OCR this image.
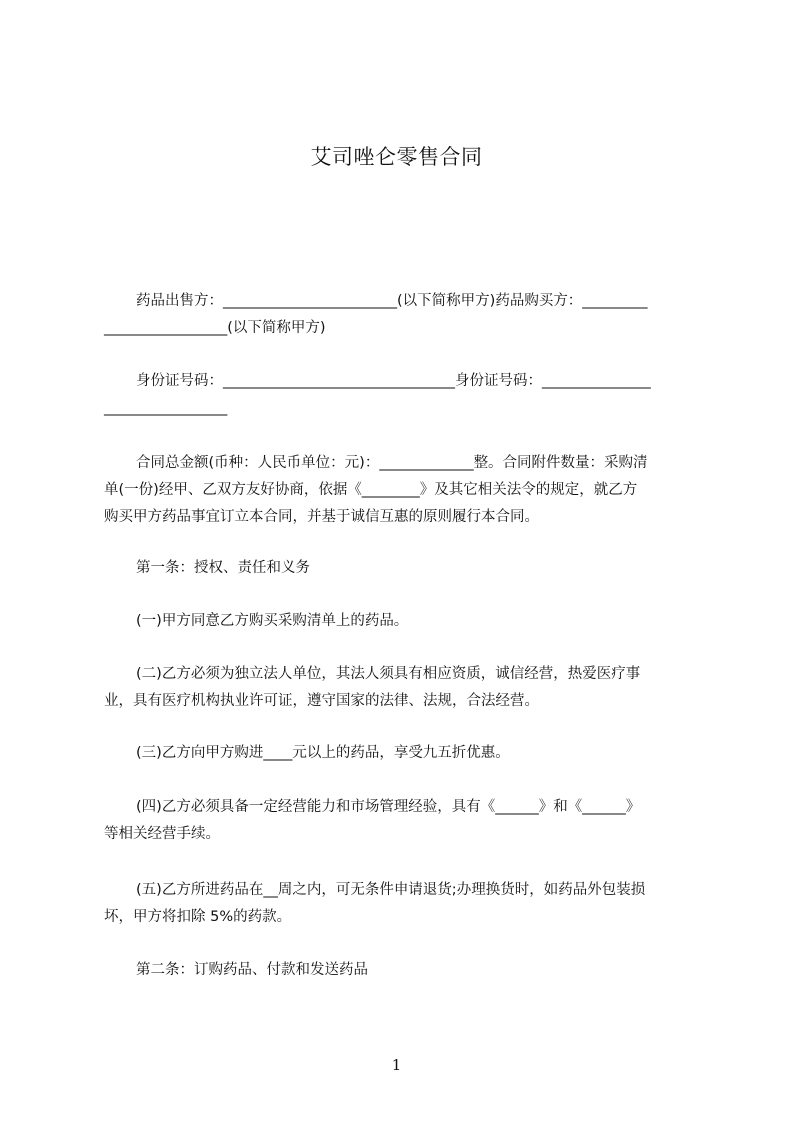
艾司唑仑零售合同
药品出售方：________________________(以下简称甲方)药品购买方：_________
_________________(以下简称甲方)
身份证号码：________________________________身份证号码：_______________
_________________
合同总金额(币种：人民币单位：元)：_____________整。合同附件数量：采购清
单(一份)经甲、乙双方友好协商，依据《________》及其它相关法令的规定，就乙方
购买甲方药品事宜订立本合同，并基于诚信互惠的原则履行本合同。
第一条：授权、责任和义务
(一)甲方同意乙方购买采购清单上的药品。
(二)乙方必须为独立法人单位，其法人须具有相应资质，诚信经营，热爱医疗事
业，具有医疗机构执业许可证，遵守国家的法律、法规，合法经营。
(三)乙方向甲方购进____元以上的药品，享受九五折优惠。
(四)乙方必须具备一定经营能力和市场管理经验，具有《______》和《______》
等相关经营手续。
(五)乙方所进药品在__周之内，可无条件申请退货;办理换货时，如药品外包装损
坏，甲方将扣除 5%的药款。
第二条：订购药品、付款和发送药品
1
